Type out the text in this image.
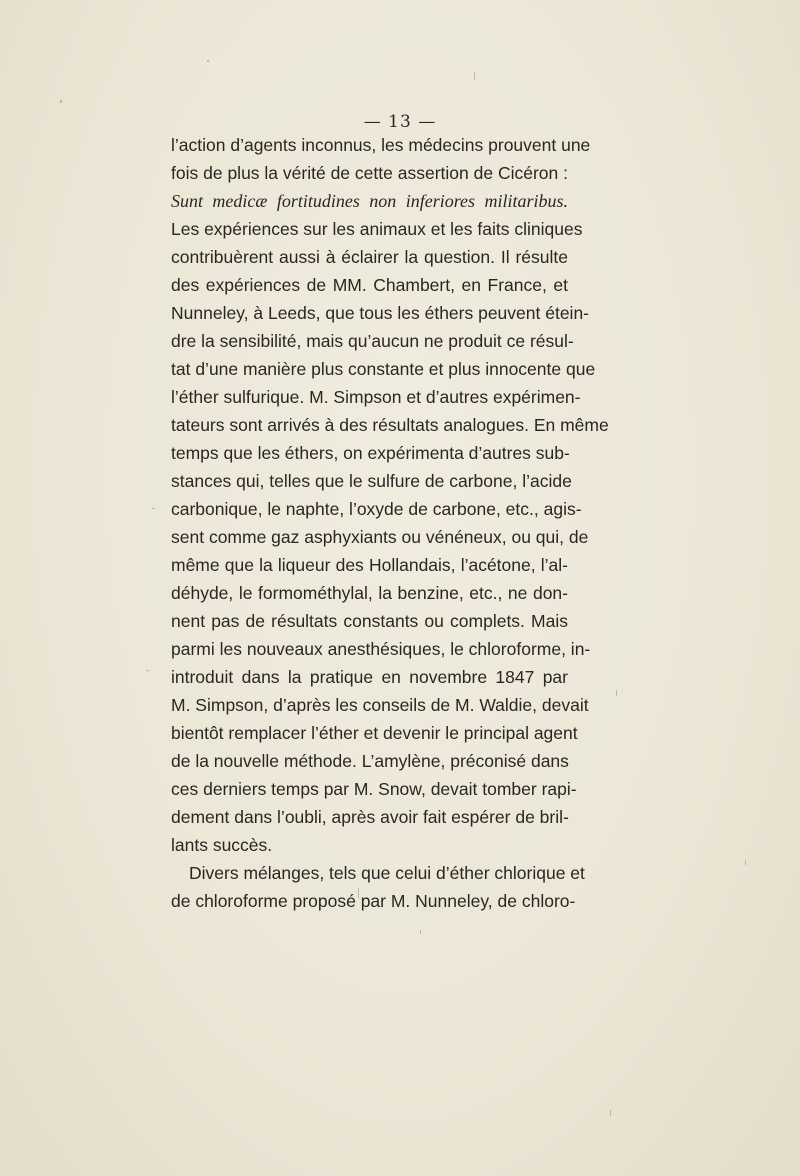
— 13 —
l’action d’agents inconnus, les médecins prouvent une
fois de plus la vérité de cette assertion de Cicéron :
Sunt medicæ fortitudines non inferiores militaribus.
Les expériences sur les animaux et les faits cliniques
contribuèrent aussi à éclairer la question. Il résulte
des expériences de MM. Chambert, en France, et
Nunneley, à Leeds, que tous les éthers peuvent étein-
dre la sensibilité, mais qu’aucun ne produit ce résul-
tat d’une manière plus constante et plus innocente que
l’éther sulfurique. M. Simpson et d’autres expérimen-
tateurs sont arrivés à des résultats analogues. En même
temps que les éthers, on expérimenta d’autres sub-
stances qui, telles que le sulfure de carbone, l’acide
carbonique, le naphte, l’oxyde de carbone, etc., agis-
sent comme gaz asphyxiants ou vénéneux, ou qui, de
même que la liqueur des Hollandais, l’acétone, l’al-
déhyde, le formométhylal, la benzine, etc., ne don-
nent pas de résultats constants ou complets. Mais
parmi les nouveaux anesthésiques, le chloroforme, in-
introduit dans la pratique en novembre 1847 par
M. Simpson, d’après les conseils de M. Waldie, devait
bientôt remplacer l’éther et devenir le principal agent
de la nouvelle méthode. L’amylène, préconisé dans
ces derniers temps par M. Snow, devait tomber rapi-
dement dans l’oubli, après avoir fait espérer de bril-
lants succès.
Divers mélanges, tels que celui d’éther chlorique et
de chloroforme proposé par M. Nunneley, de chloro-
